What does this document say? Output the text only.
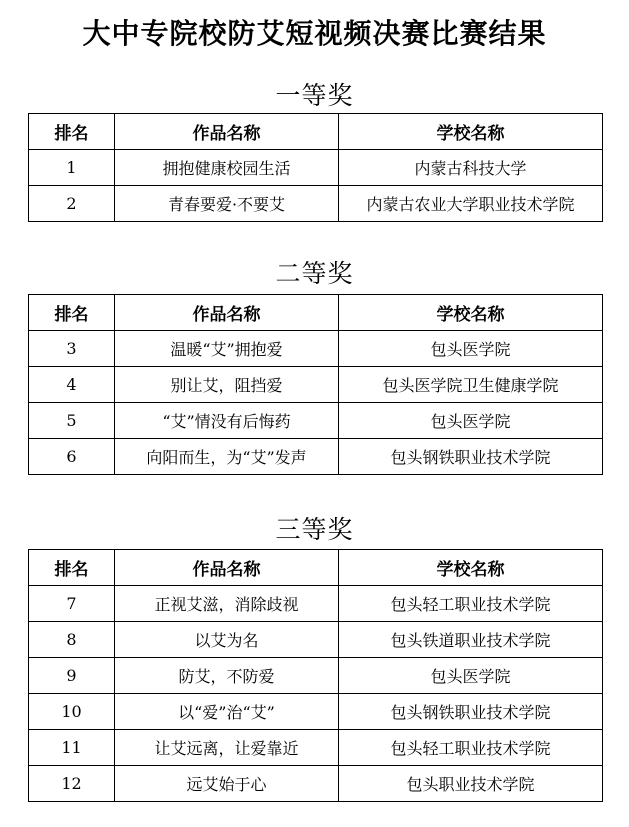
大中专院校防艾短视频决赛比赛结果
一等奖
排名	作品名称	学校名称
1	拥抱健康校园生活	内蒙古科技大学
2	青春要爱·不要艾	内蒙古农业大学职业技术学院
二等奖
排名	作品名称	学校名称
3	温暖“艾”拥抱爱	包头医学院
4	别让艾，阻挡爱	包头医学院卫生健康学院
5	“艾”情没有后悔药	包头医学院
6	向阳而生，为“艾”发声	包头钢铁职业技术学院
三等奖
排名	作品名称	学校名称
7	正视艾滋，消除歧视	包头轻工职业技术学院
8	以艾为名	包头铁道职业技术学院
9	防艾，不防爱	包头医学院
10	以“爱”治“艾”	包头钢铁职业技术学院
11	让艾远离，让爱靠近	包头轻工职业技术学院
12	远艾始于心	包头职业技术学院
